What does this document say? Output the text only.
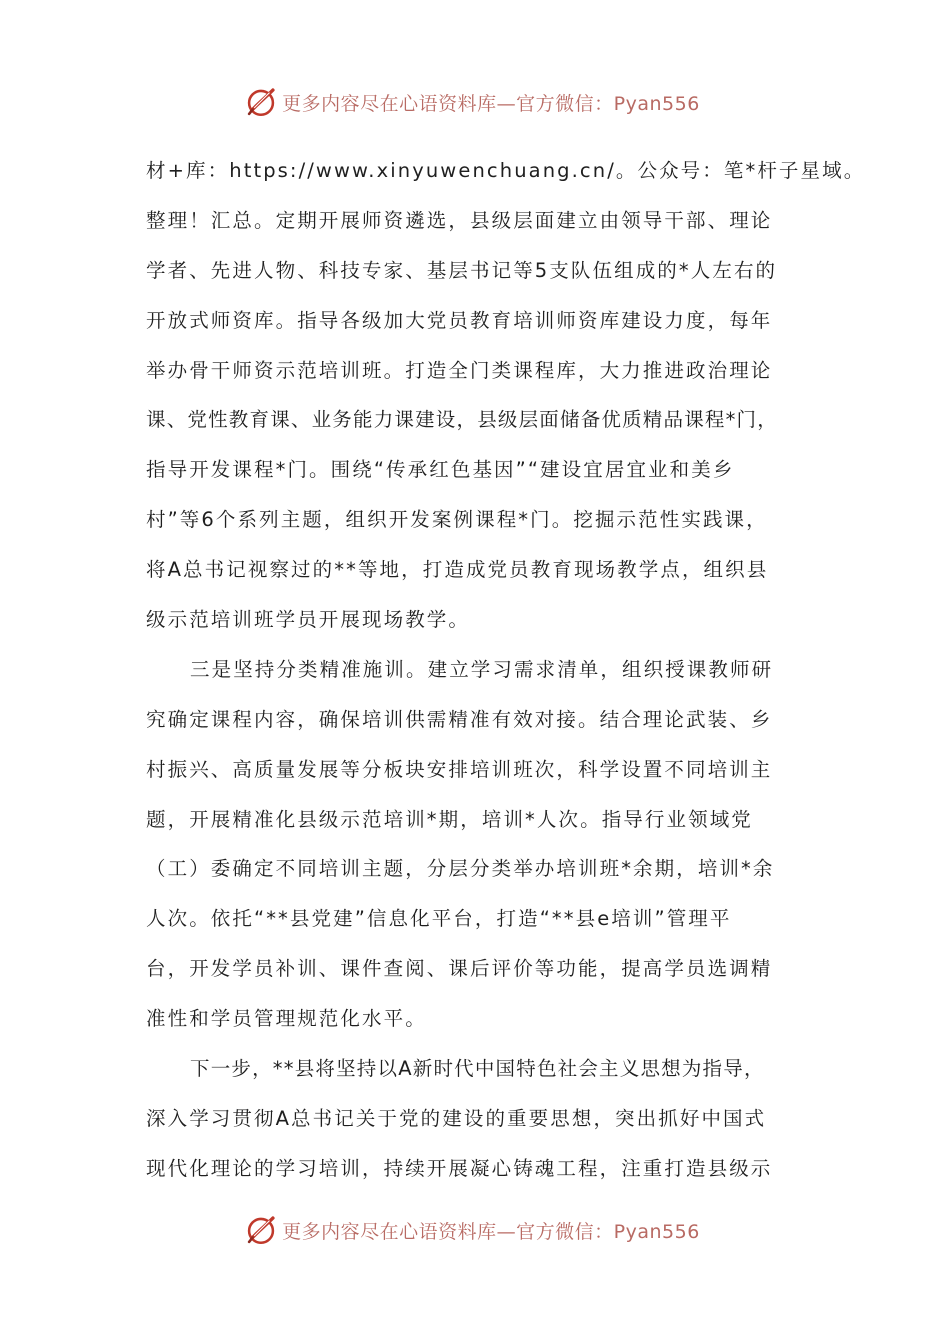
更多内容尽在心语资料库—官方微信：Pyan556
材+库：https://www.xinyuwenchuang.cn/。公众号：笔*杆子星域。
整理！汇总。定期开展师资遴选，县级层面建立由领导干部、理论
学者、先进人物、科技专家、基层书记等5支队伍组成的*人左右的
开放式师资库。指导各级加大党员教育培训师资库建设力度，每年
举办骨干师资示范培训班。打造全门类课程库，大力推进政治理论
课、党性教育课、业务能力课建设，县级层面储备优质精品课程*门，
指导开发课程*门。围绕“传承红色基因”“建设宜居宜业和美乡
村”等6个系列主题，组织开发案例课程*门。挖掘示范性实践课，
将A总书记视察过的**等地，打造成党员教育现场教学点，组织县
级示范培训班学员开展现场教学。
三是坚持分类精准施训。建立学习需求清单，组织授课教师研
究确定课程内容，确保培训供需精准有效对接。结合理论武装、乡
村振兴、高质量发展等分板块安排培训班次，科学设置不同培训主
题，开展精准化县级示范培训*期，培训*人次。指导行业领域党
（工）委确定不同培训主题，分层分类举办培训班*余期，培训*余
人次。依托“**县党建”信息化平台，打造“**县e培训”管理平
台，开发学员补训、课件查阅、课后评价等功能，提高学员选调精
准性和学员管理规范化水平。
下一步，**县将坚持以A新时代中国特色社会主义思想为指导，
深入学习贯彻A总书记关于党的建设的重要思想，突出抓好中国式
现代化理论的学习培训，持续开展凝心铸魂工程，注重打造县级示
更多内容尽在心语资料库—官方微信：Pyan556
